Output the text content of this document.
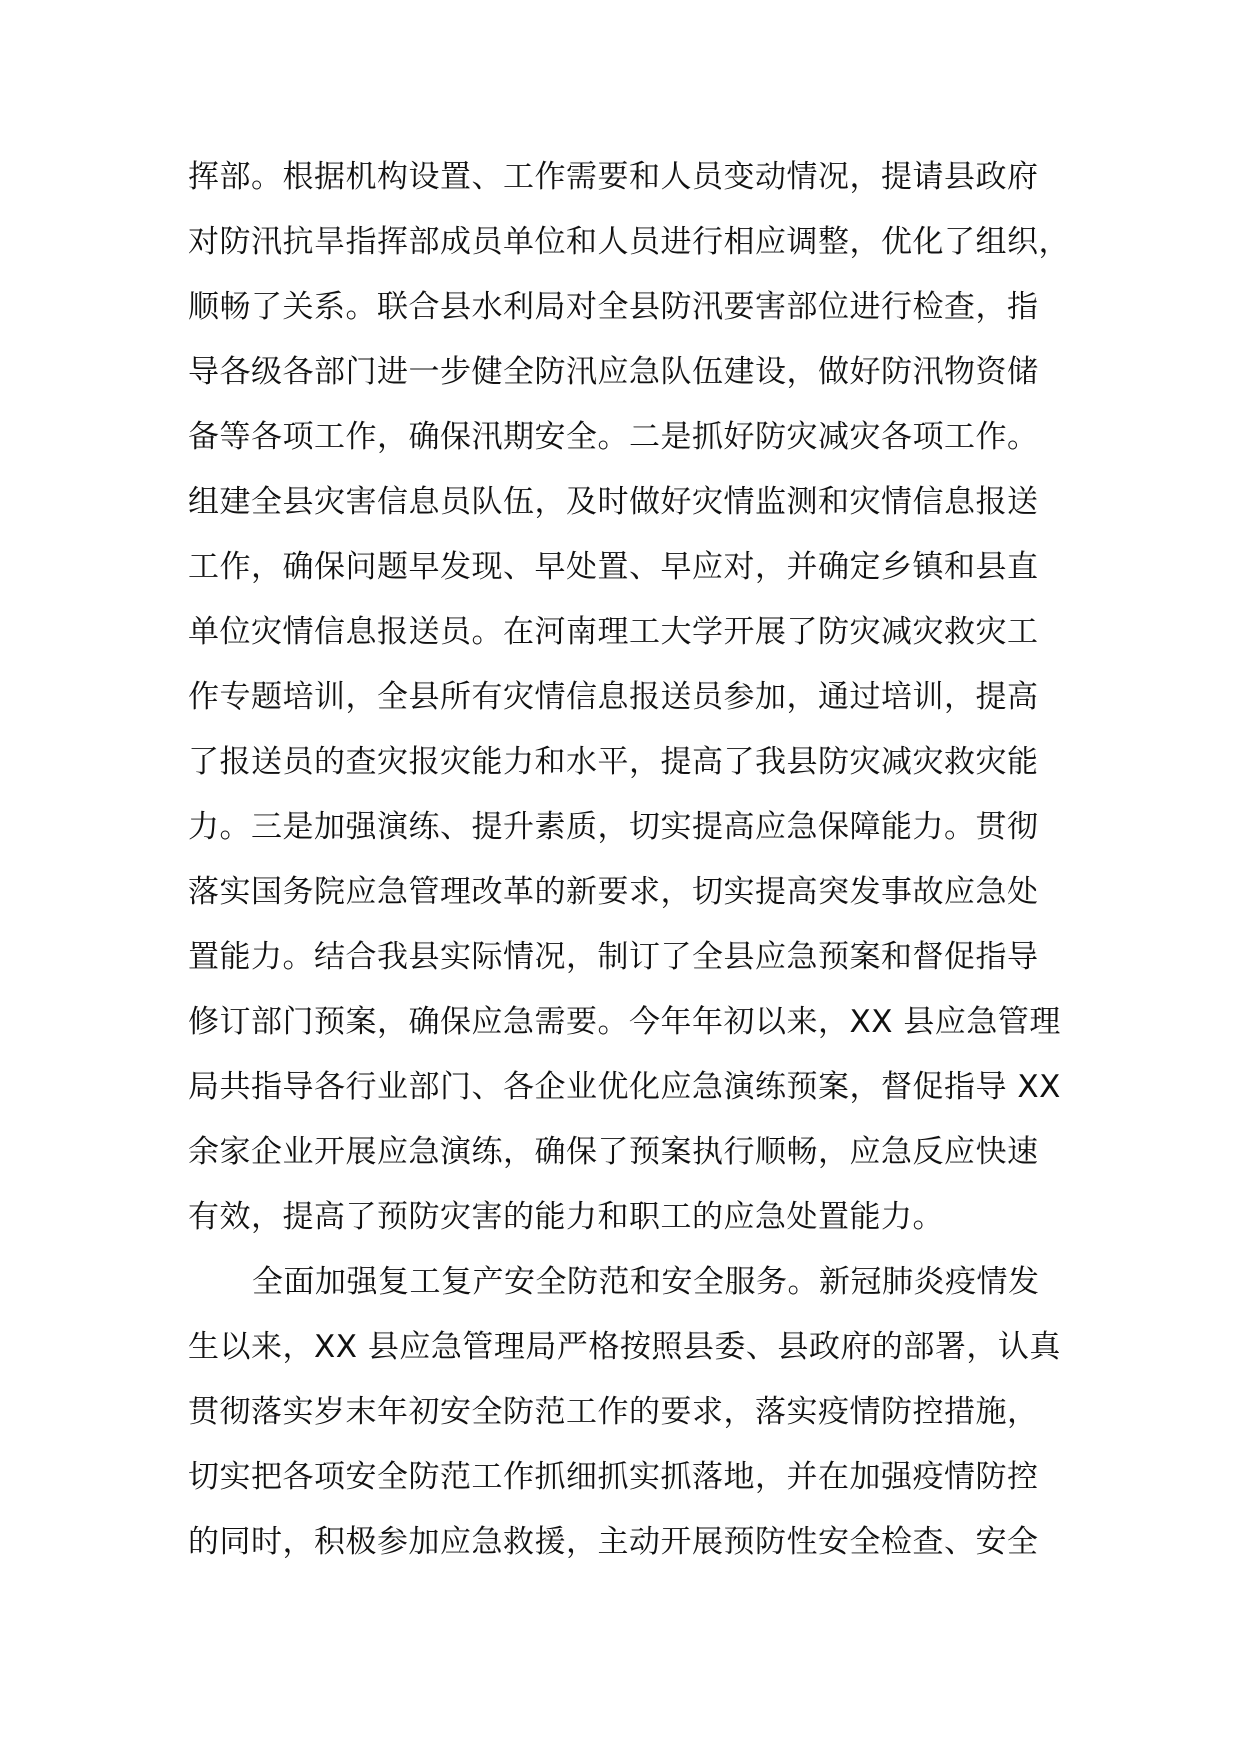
挥部。根据机构设置、工作需要和人员变动情况，提请县政府
对防汛抗旱指挥部成员单位和人员进行相应调整，优化了组织，
顺畅了关系。联合县水利局对全县防汛要害部位进行检查，指
导各级各部门进一步健全防汛应急队伍建设，做好防汛物资储
备等各项工作，确保汛期安全。二是抓好防灾减灾各项工作。
组建全县灾害信息员队伍，及时做好灾情监测和灾情信息报送
工作，确保问题早发现、早处置、早应对，并确定乡镇和县直
单位灾情信息报送员。在河南理工大学开展了防灾减灾救灾工
作专题培训，全县所有灾情信息报送员参加，通过培训，提高
了报送员的查灾报灾能力和水平，提高了我县防灾减灾救灾能
力。三是加强演练、提升素质，切实提高应急保障能力。贯彻
落实国务院应急管理改革的新要求，切实提高突发事故应急处
置能力。结合我县实际情况，制订了全县应急预案和督促指导
修订部门预案，确保应急需要。今年年初以来，XX 县应急管理
局共指导各行业部门、各企业优化应急演练预案，督促指导 XX
余家企业开展应急演练，确保了预案执行顺畅，应急反应快速
有效，提高了预防灾害的能力和职工的应急处置能力。
全面加强复工复产安全防范和安全服务。新冠肺炎疫情发
生以来，XX 县应急管理局严格按照县委、县政府的部署，认真
贯彻落实岁末年初安全防范工作的要求，落实疫情防控措施，
切实把各项安全防范工作抓细抓实抓落地，并在加强疫情防控
的同时，积极参加应急救援，主动开展预防性安全检查、安全
